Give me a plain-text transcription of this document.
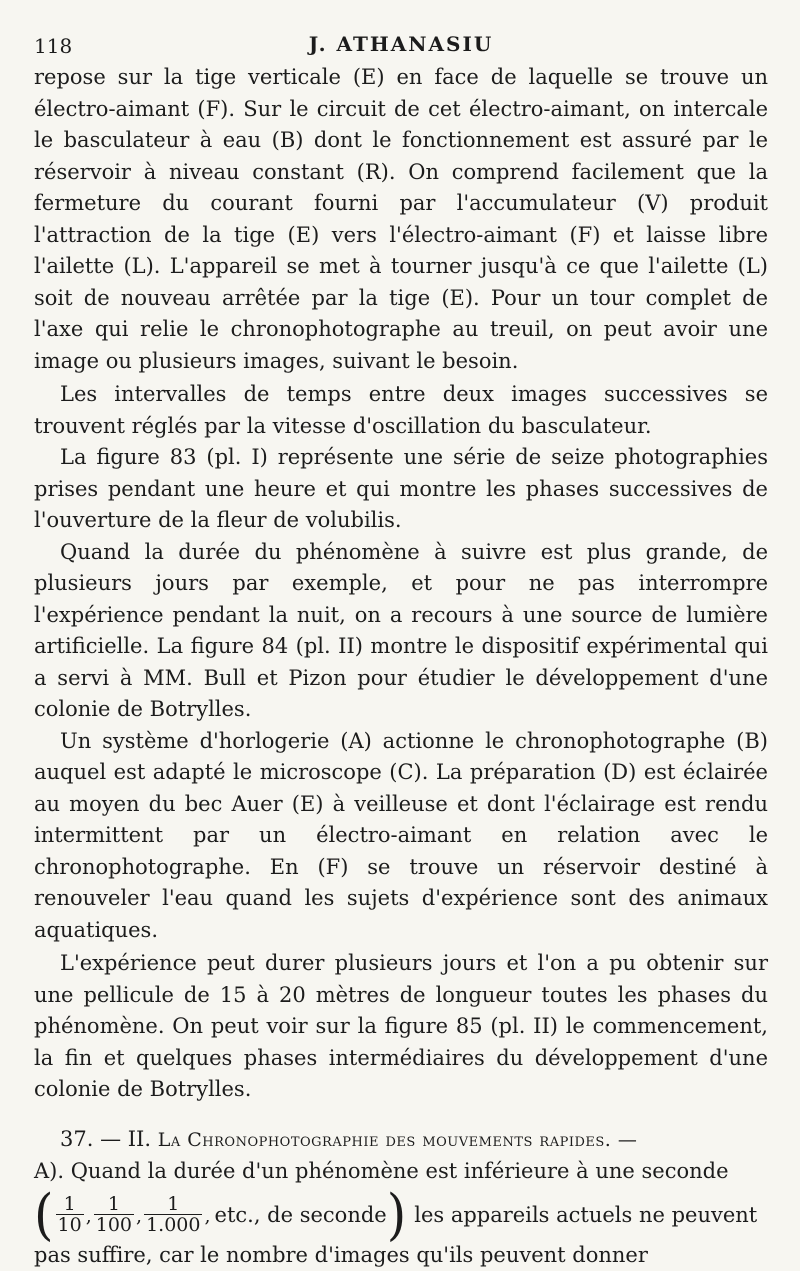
118	J. ATHANASIU

repose sur la tige verticale (E) en face de laquelle se trouve un électro-aimant (F). Sur le circuit de cet électro-aimant, on intercale le basculateur à eau (B) dont le fonctionnement est assuré par le réservoir à niveau constant (R). On comprend facilement que la fermeture du courant fourni par l'accumulateur (V) produit l'attraction de la tige (E) vers l'électro-aimant (F) et laisse libre l'ailette (L). L'appareil se met à tourner jusqu'à ce que l'ailette (L) soit de nouveau arrêtée par la tige (E). Pour un tour complet de l'axe qui relie le chronophotographe au treuil, on peut avoir une image ou plusieurs images, suivant le besoin.

Les intervalles de temps entre deux images successives se trouvent réglés par la vitesse d'oscillation du basculateur.

La figure 83 (pl. I) représente une série de seize photographies prises pendant une heure et qui montre les phases successives de l'ouverture de la fleur de volubilis.

Quand la durée du phénomène à suivre est plus grande, de plusieurs jours par exemple, et pour ne pas interrompre l'expérience pendant la nuit, on a recours à une source de lumière artificielle. La figure 84 (pl. II) montre le dispositif expérimental qui a servi à MM. Bull et Pizon pour étudier le développement d'une colonie de Botrylles.

Un système d'horlogerie (A) actionne le chronophotographe (B) auquel est adapté le microscope (C). La préparation (D) est éclairée au moyen du bec Auer (E) à veilleuse et dont l'éclairage est rendu intermittent par un électro-aimant en relation avec le chronophotographe. En (F) se trouve un réservoir destiné à renouveler l'eau quand les sujets d'expérience sont des animaux aquatiques.

L'expérience peut durer plusieurs jours et l'on a pu obtenir sur une pellicule de 15 à 20 mètres de longueur toutes les phases du phénomène. On peut voir sur la figure 85 (pl. II) le commencement, la fin et quelques phases intermédiaires du développement d'une colonie de Botrylles.

37. — II. La Chronophotographie des mouvements rapides. —
A). Quand la durée d'un phénomène est inférieure à une seconde
( $\frac{1}{10}$ , $\frac{1}{100}$ , $\frac{1}{1.000}$ , etc., de seconde ) les appareils actuels ne peuvent
pas suffire, car le nombre d'images qu'ils peuvent donner
